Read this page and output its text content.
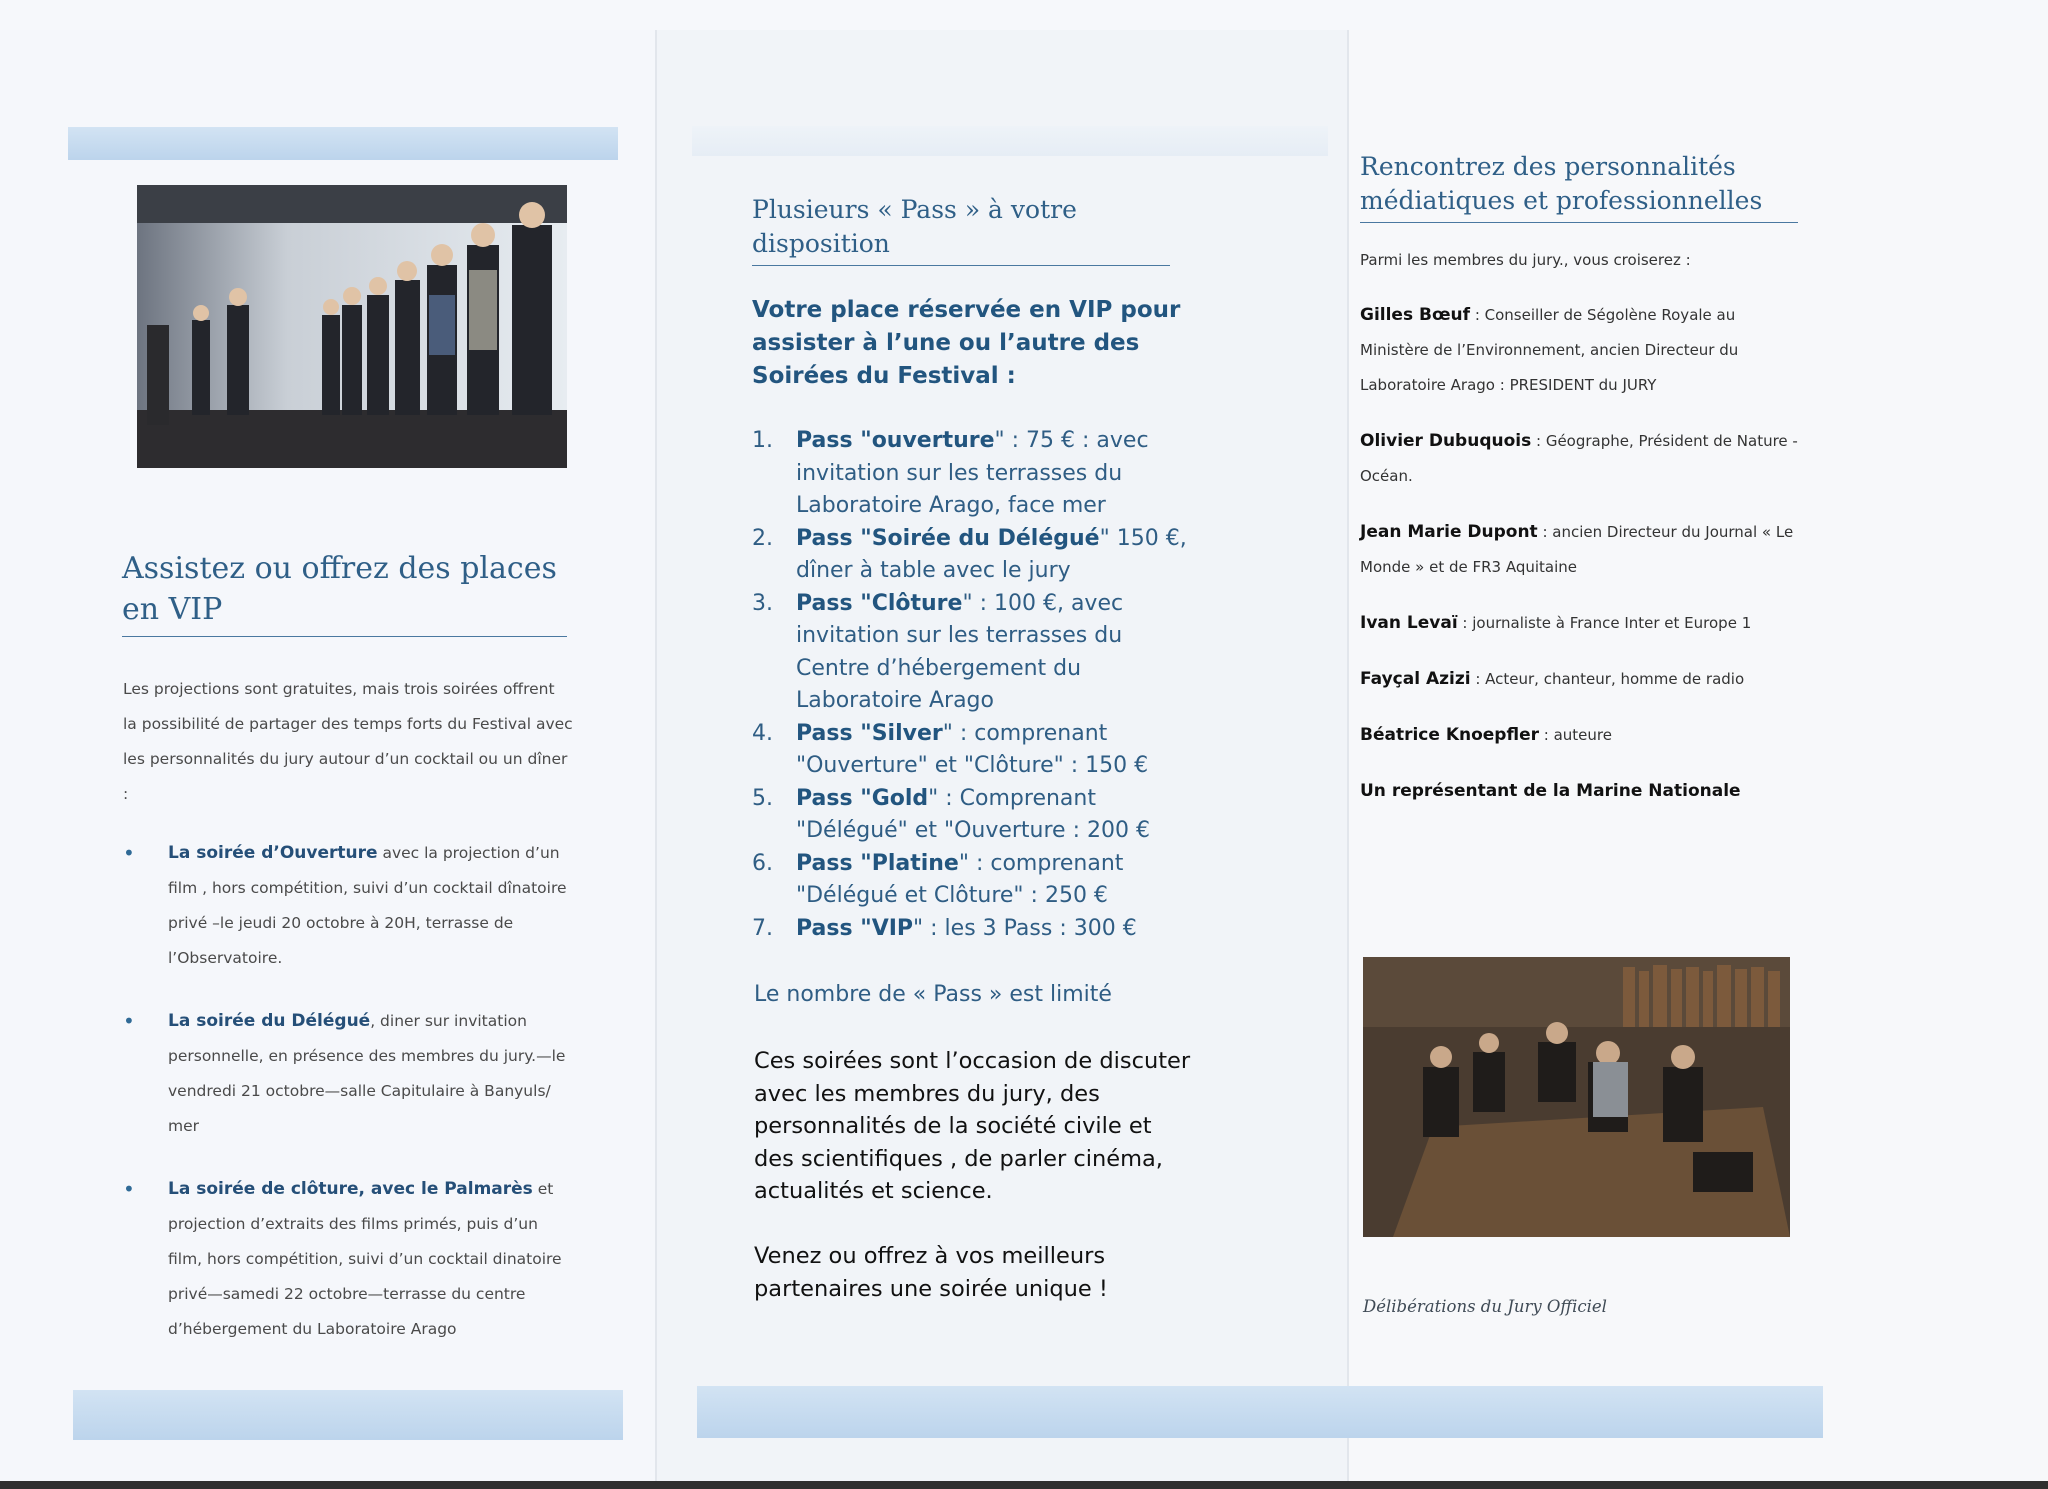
Assistez ou offrez des places en VIP

Les projections sont gratuites, mais trois soirées offrent la possibilité de partager des temps forts du Festival avec les personnalités du jury autour d’un cocktail ou un dîner :

• La soirée d’Ouverture avec la projection d’un film , hors compétition, suivi d’un cocktail dînatoire privé –le jeudi 20 octobre à 20H, terrasse de l’Observatoire.
• La soirée du Délégué, diner sur invitation personnelle, en présence des membres du jury.—le vendredi 21 octobre—salle Capitulaire à Banyuls/ mer
• La soirée de clôture, avec le Palmarès et projection d’extraits des films primés, puis d’un film, hors compétition, suivi d’un cocktail dinatoire privé—samedi 22 octobre—terrasse du centre d’hébergement du Laboratoire Arago
Plusieurs « Pass » à votre disposition

Votre place réservée en VIP pour assister à l’une ou l’autre des Soirées du Festival :

1. Pass "ouverture" : 75 € : avec invitation sur les terrasses du Laboratoire Arago, face mer
2. Pass "Soirée du Délégué" 150 €, dîner à table avec le jury
3. Pass "Clôture" : 100 €, avec invitation sur les terrasses du Centre d’hébergement du Laboratoire Arago
4. Pass "Silver" : comprenant "Ouverture" et "Clôture" : 150 €
5. Pass "Gold" : Comprenant "Délégué" et "Ouverture : 200 €
6. Pass "Platine" : comprenant "Délégué et Clôture" : 250 €
7. Pass "VIP" : les 3 Pass : 300 €

Le nombre de « Pass » est limité

Ces soirées sont l’occasion de discuter avec les membres du jury, des personnalités de la société civile et des scientifiques , de parler cinéma, actualités et science.

Venez ou offrez à vos meilleurs partenaires une soirée unique !

Rencontrez des personnalités médiatiques et professionnelles

Parmi les membres du jury., vous croiserez :

Gilles Bœuf : Conseiller de Ségolène Royale au Ministère de l’Environnement, ancien Directeur du Laboratoire Arago : PRESIDENT du JURY

Olivier Dubuquois : Géographe, Président de Nature -Océan.

Jean Marie Dupont : ancien Directeur du Journal « Le Monde » et de FR3 Aquitaine

Ivan Levaï : journaliste à France Inter et Europe 1

Fayçal Azizi : Acteur, chanteur, homme de radio

Béatrice Knoepfler : auteure

Un représentant de la Marine Nationale

Délibérations du Jury Officiel
